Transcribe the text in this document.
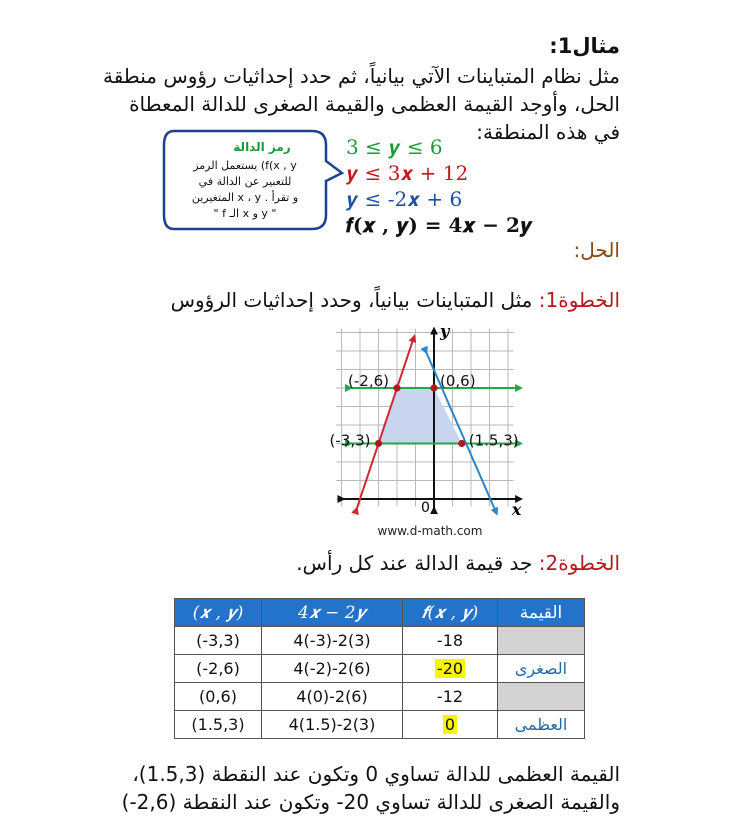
مثال1:
مثل نظام المتباينات الآتي بيانياً، ثم حدد إحداثيات رؤوس منطقة الحل، وأوجد القيمة العظمى والقيمة الصغرى للدالة المعطاة في هذه المنطقة:
رمز الدالة
يستعمل الرمز (f(x , y
للتعبير عن الدالة في
المتغيرين x ، y . و تقرأ
" f الـ x و y "
3 ≤ 𝒚 ≤ 6
𝒚 ≤ 3𝒙 + 12
𝒚 ≤ -2𝒙 + 6
𝒇(𝒙 , 𝒚) = 4𝒙 − 2𝒚
الحل:
الخطوة1: مثل المتباينات بيانياً، وحدد إحداثيات الرؤوس
(-2,6)	(0,6)
(-3,3)	(1.5,3)
y
x
0
www.d-math.com
الخطوة2: جد قيمة الدالة عند كل رأس.
(𝒙 , 𝒚)	4𝒙 − 2𝒚	𝒇(𝒙 , 𝒚)	القيمة
(-3,3)	4(-3)-2(3)	-18	
(-2,6)	4(-2)-2(6)	-20	الصغرى
(0,6)	4(0)-2(6)	-12	
(1.5,3)	4(1.5)-2(3)	0	العظمى
القيمة العظمى للدالة تساوي 0 وتكون عند النقطة (1.5,3)،
والقيمة الصغرى للدالة تساوي 20- وتكون عند النقطة (2,6-)
